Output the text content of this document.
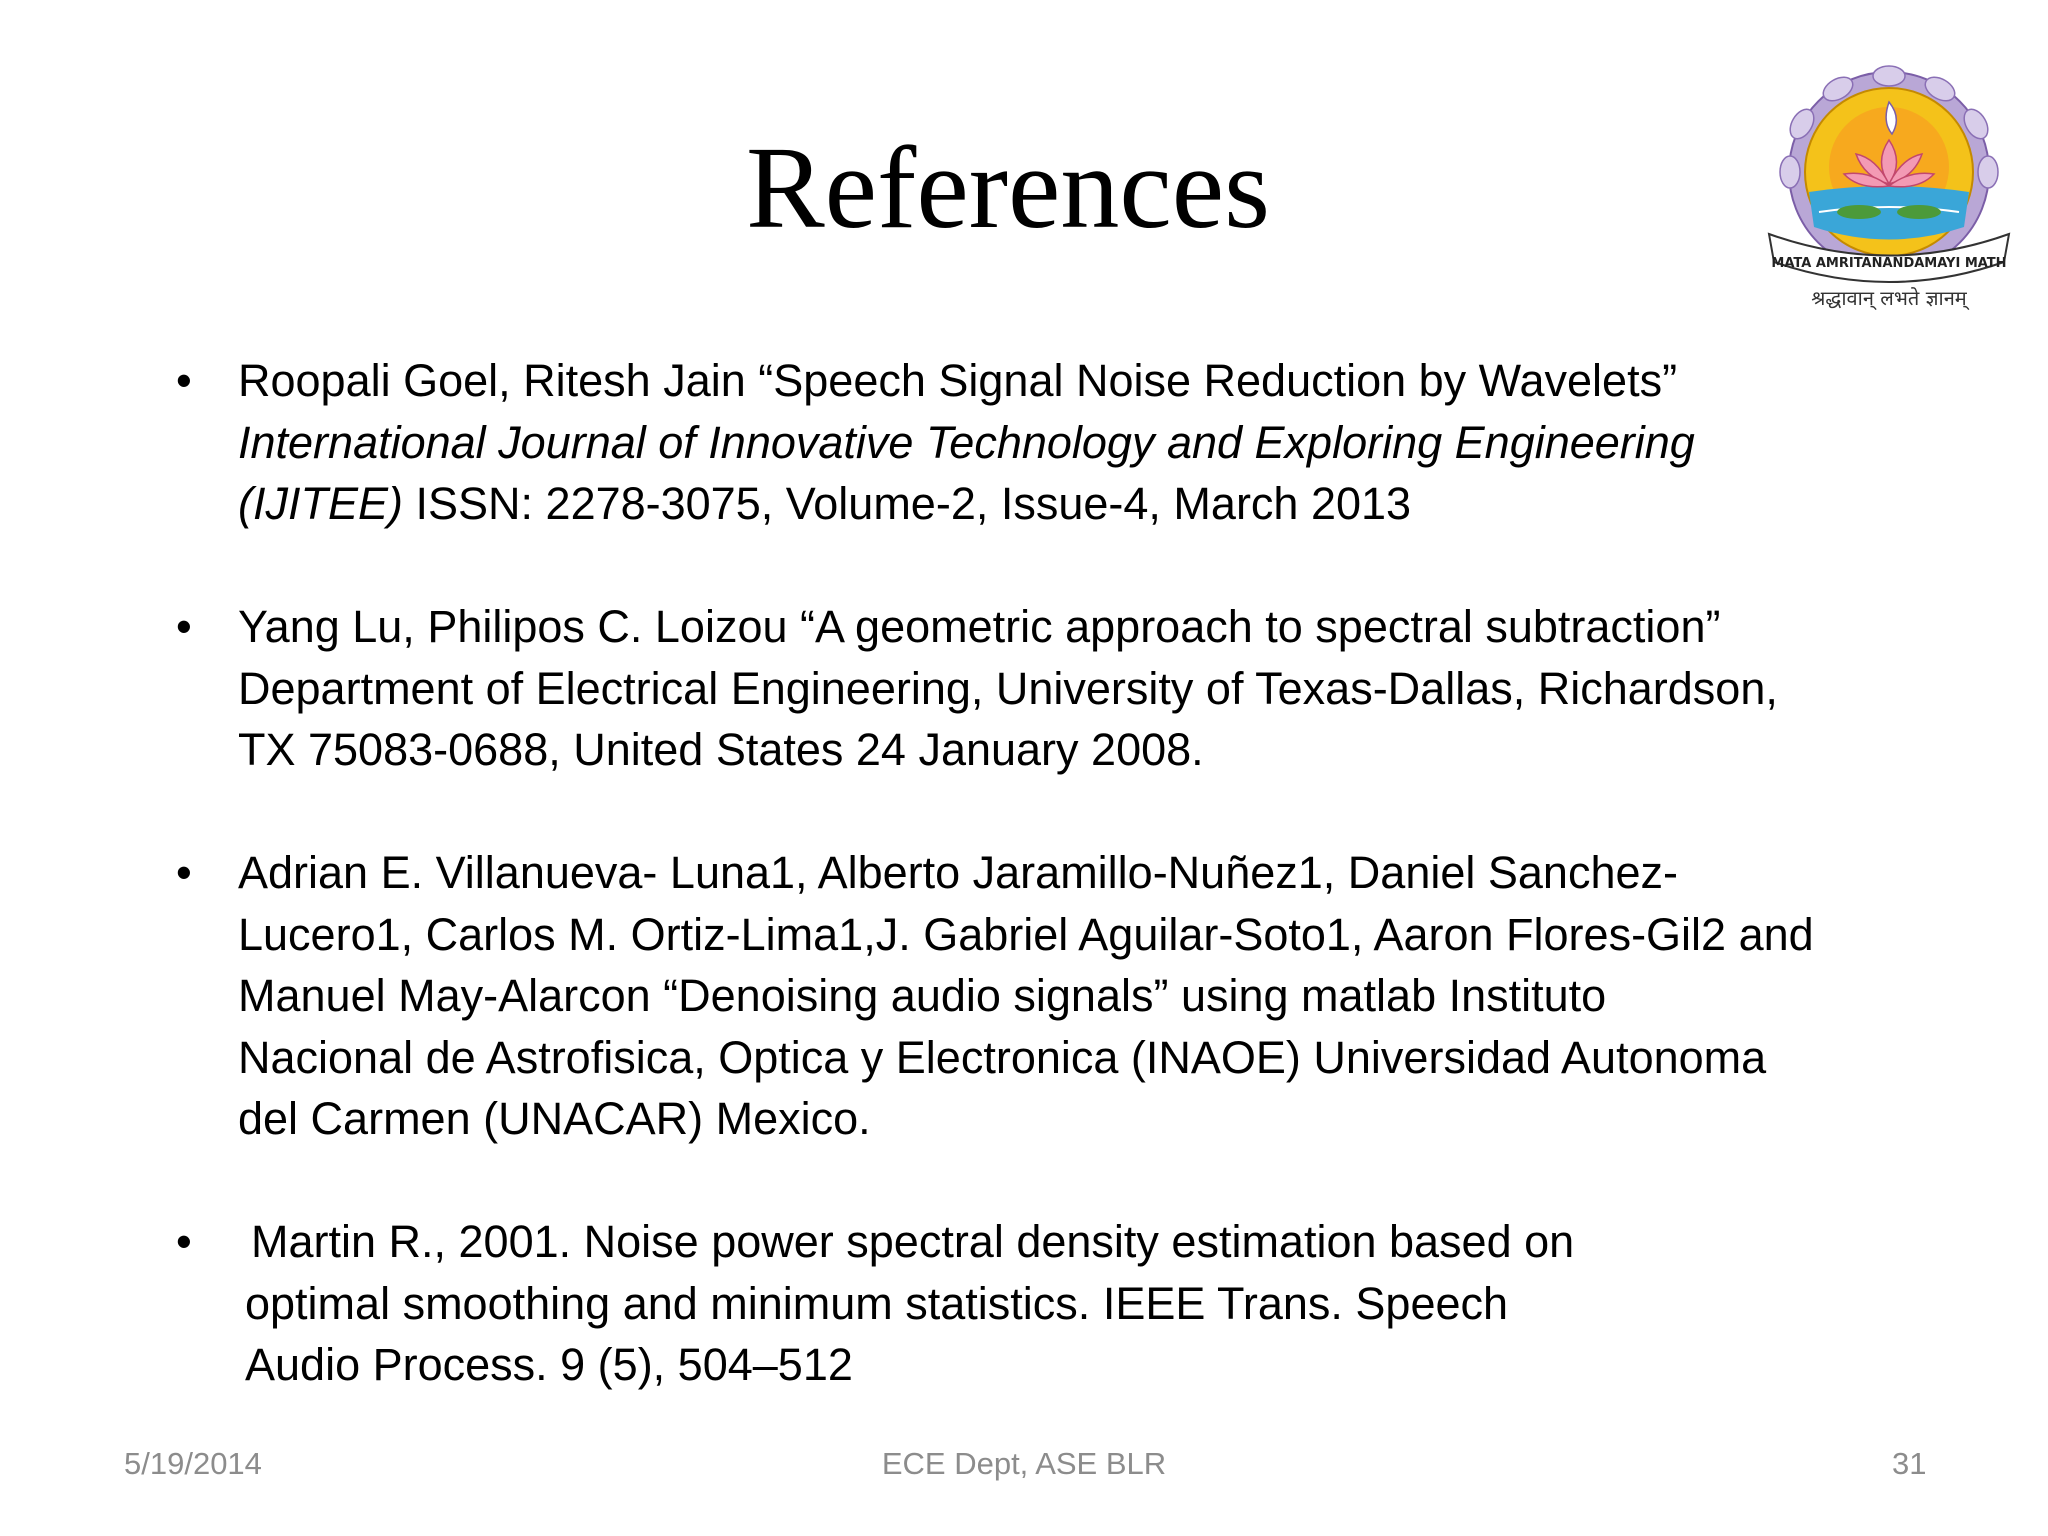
References
MATA AMRITANANDAMAYI MATH
श्रद्धावान् लभते ज्ञानम्
• Roopali Goel, Ritesh Jain “Speech Signal Noise Reduction by Wavelets”
International Journal of Innovative Technology and Exploring Engineering
(IJITEE) ISSN: 2278-3075, Volume-2, Issue-4, March 2013
• Yang Lu, Philipos C. Loizou “A geometric approach to spectral subtraction”
Department of Electrical Engineering, University of Texas-Dallas, Richardson,
TX 75083-0688, United States 24 January 2008.
• Adrian E. Villanueva- Luna1, Alberto Jaramillo-Nuñez1, Daniel Sanchez-
Lucero1, Carlos M. Ortiz-Lima1,J. Gabriel Aguilar-Soto1, Aaron Flores-Gil2 and
Manuel May-Alarcon “Denoising audio signals” using matlab Instituto
Nacional de Astrofisica, Optica y Electronica (INAOE) Universidad Autonoma
del Carmen (UNACAR) Mexico.
• Martin R., 2001. Noise power spectral density estimation based on
optimal smoothing and minimum statistics. IEEE Trans. Speech
Audio Process. 9 (5), 504–512
5/19/2014	ECE Dept, ASE BLR	31
